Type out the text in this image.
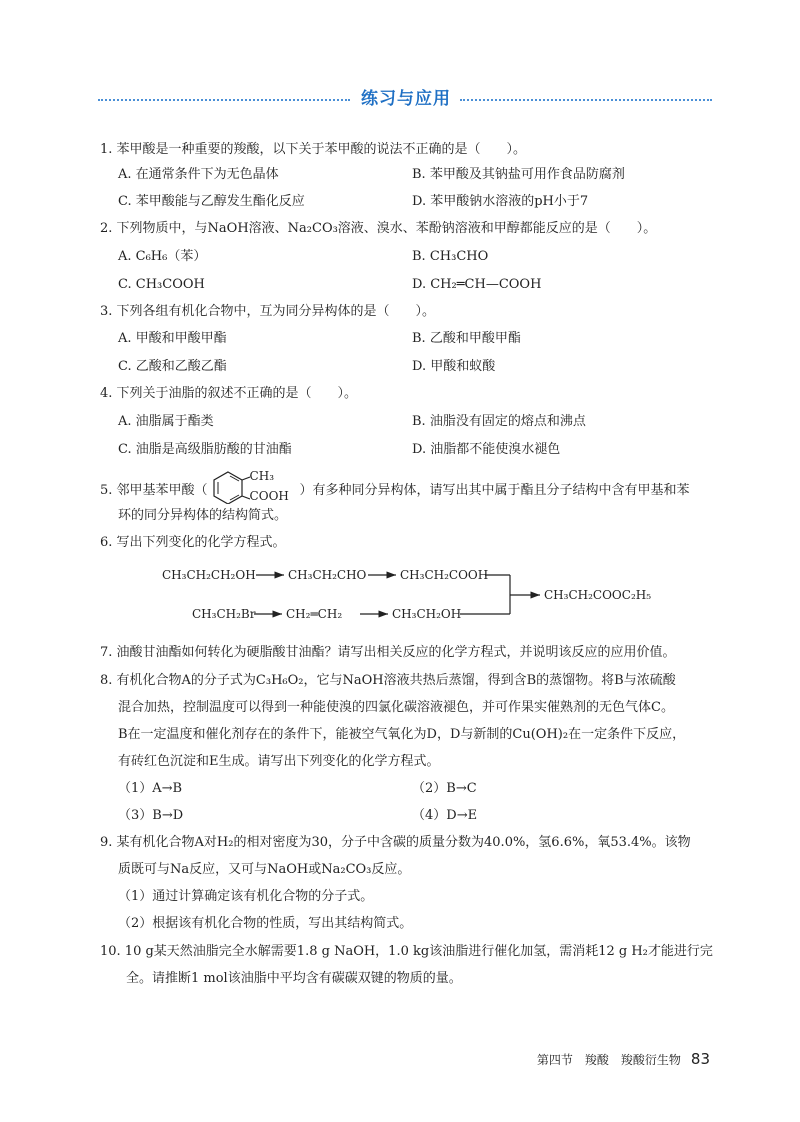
练习与应用
1. 苯甲酸是一种重要的羧酸，以下关于苯甲酸的说法不正确的是（　　）。
A. 在通常条件下为无色晶体	B. 苯甲酸及其钠盐可用作食品防腐剂
C. 苯甲酸能与乙醇发生酯化反应	D. 苯甲酸钠水溶液的pH小于7
2. 下列物质中，与NaOH溶液、Na₂CO₃溶液、溴水、苯酚钠溶液和甲醇都能反应的是（　　）。
A. C₆H₆（苯）	B. CH₃CHO
C. CH₃COOH	D. CH₂═CH—COOH
3. 下列各组有机化合物中，互为同分异构体的是（　　）。
A. 甲酸和甲酸甲酯	B. 乙酸和甲酸甲酯
C. 乙酸和乙酸乙酯	D. 甲酸和蚁酸
4. 下列关于油脂的叙述不正确的是（　　）。
A. 油脂属于酯类	B. 油脂没有固定的熔点和沸点
C. 油脂是高级脂肪酸的甘油酯	D. 油脂都不能使溴水褪色
5. 邻甲基苯甲酸（
CH₃
COOH ）有多种同分异构体，请写出其中属于酯且分子结构中含有甲基和苯
环的同分异构体的结构简式。
6. 写出下列变化的化学方程式。
CH₃CH₂CH₂OH	CH₃CH₂CHO	CH₃CH₂COOH
CH₃CH₂Br	CH₂═CH₂	CH₃CH₂OH
CH₃CH₂COOC₂H₅
7. 油酸甘油酯如何转化为硬脂酸甘油酯？请写出相关反应的化学方程式，并说明该反应的应用价值。
8. 有机化合物A的分子式为C₃H₆O₂，它与NaOH溶液共热后蒸馏，得到含B的蒸馏物。将B与浓硫酸
混合加热，控制温度可以得到一种能使溴的四氯化碳溶液褪色，并可作果实催熟剂的无色气体C。
B在一定温度和催化剂存在的条件下，能被空气氧化为D，D与新制的Cu(OH)₂在一定条件下反应，
有砖红色沉淀和E生成。请写出下列变化的化学方程式。
（1）A→B	（2）B→C
（3）B→D	（4）D→E
9. 某有机化合物A对H₂的相对密度为30，分子中含碳的质量分数为40.0%，氢6.6%，氧53.4%。该物
质既可与Na反应，又可与NaOH或Na₂CO₃反应。
（1）通过计算确定该有机化合物的分子式。
（2）根据该有机化合物的性质，写出其结构简式。
10. 10 g某天然油脂完全水解需要1.8 g NaOH，1.0 kg该油脂进行催化加氢，需消耗12 g H₂才能进行完
全。请推断1 mol该油脂中平均含有碳碳双键的物质的量。
第四节　羧酸　羧酸衍生物 83
